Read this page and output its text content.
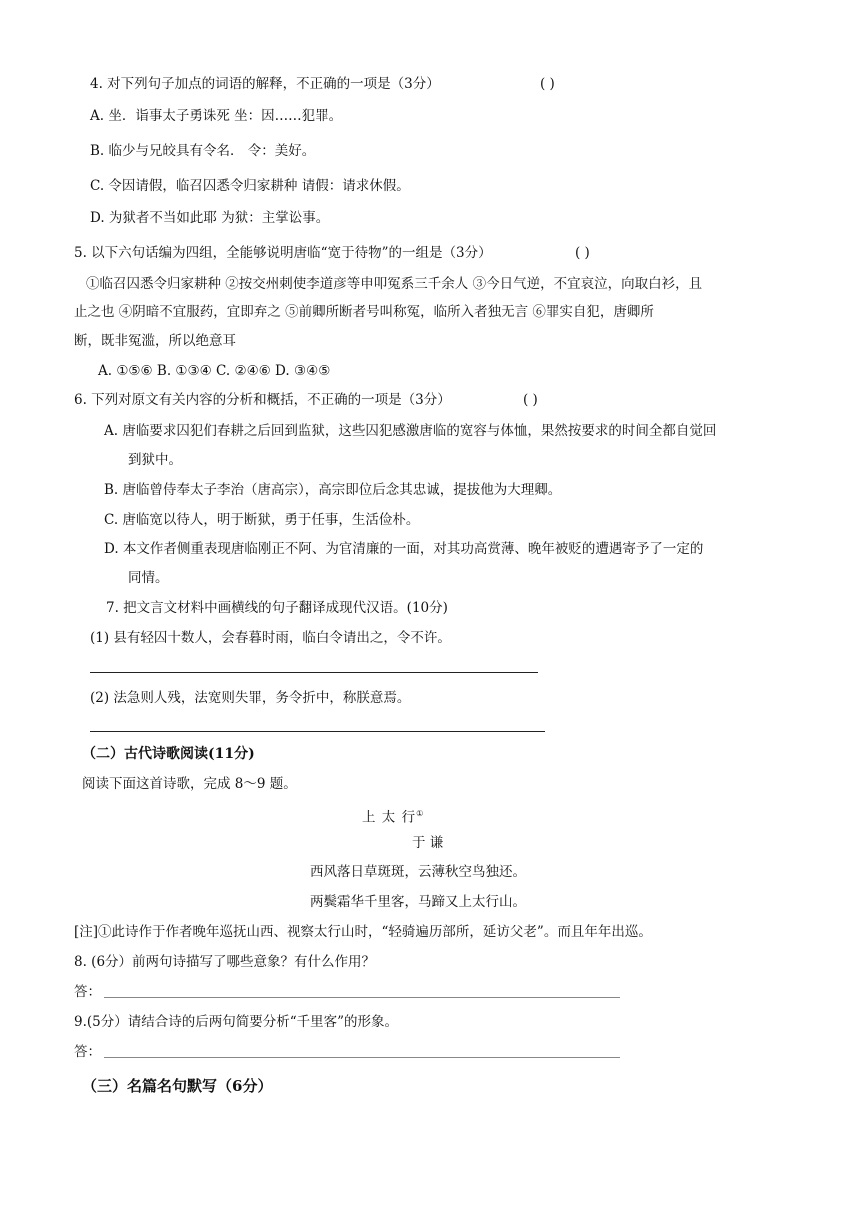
4. 对下列句子加点的词语的解释，不正确的一项是（3分）	( )
A. 坐．诣事太子勇诛死 坐：因……犯罪。
B. 临少与兄皎具有令名． 令：美好。
C. 令因请假，临召囚悉令归家耕种 请假：请求休假。
D. 为狱者不当如此耶 为狱：主掌讼事。
5. 以下六句话编为四组，全能够说明唐临“宽于待物”的一组是（3分）	( )
①临召囚悉令归家耕种 ②按交州刺使李道彦等申叩冤系三千余人 ③今日气逆，不宜哀泣，向取白衫，且
止之也 ④阴暗不宜服药，宜即弃之 ⑤前卿所断者号叫称冤，临所入者独无言 ⑥罪实自犯，唐卿所
断，既非冤滥，所以绝意耳
A. ①⑤⑥ B. ①③④ C. ②④⑥ D. ③④⑤
6. 下列对原文有关内容的分析和概括，不正确的一项是（3分）	( )
A. 唐临要求囚犯们春耕之后回到监狱，这些囚犯感激唐临的宽容与体恤，果然按要求的时间全都自觉回
到狱中。
B. 唐临曾侍奉太子李治（唐高宗），高宗即位后念其忠诚，提拔他为大理卿。
C. 唐临宽以待人，明于断狱，勇于任事，生活俭朴。
D. 本文作者侧重表现唐临刚正不阿、为官清廉的一面，对其功高赏薄、晚年被贬的遭遇寄予了一定的
同情。
7. 把文言文材料中画横线的句子翻译成现代汉语。(10分)
(1) 县有轻囚十数人，会春暮时雨，临白令请出之，令不许。
(2) 法急则人残，法宽则失罪，务令折中，称朕意焉。
（二）古代诗歌阅读(11分)
阅读下面这首诗歌，完成 8～9 题。
上 太 行①
于 谦
西风落日草斑斑，云薄秋空鸟独还。
两鬓霜华千里客，马蹄又上太行山。
[注]①此诗作于作者晚年巡抚山西、视察太行山时，“轻骑遍历部所，延访父老”。而且年年出巡。
8. (6分）前两句诗描写了哪些意象？有什么作用？
答：
9.(5分）请结合诗的后两句简要分析“千里客”的形象。
答：
（三）名篇名句默写（6分）
